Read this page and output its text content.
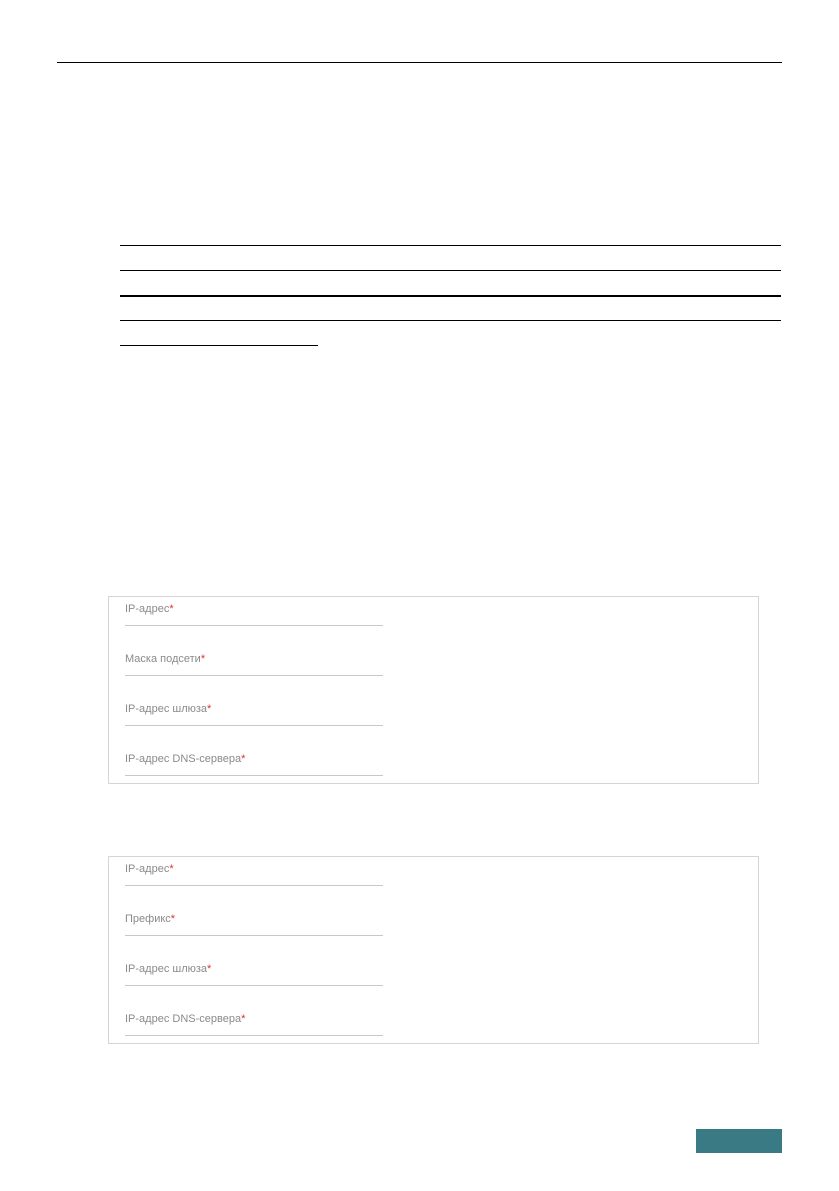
IP-адрес*
Маска подсети*
IP-адрес шлюза*
IP-адрес DNS-сервера*
IP-адрес*
Префикс*
IP-адрес шлюза*
IP-адрес DNS-сервера*
